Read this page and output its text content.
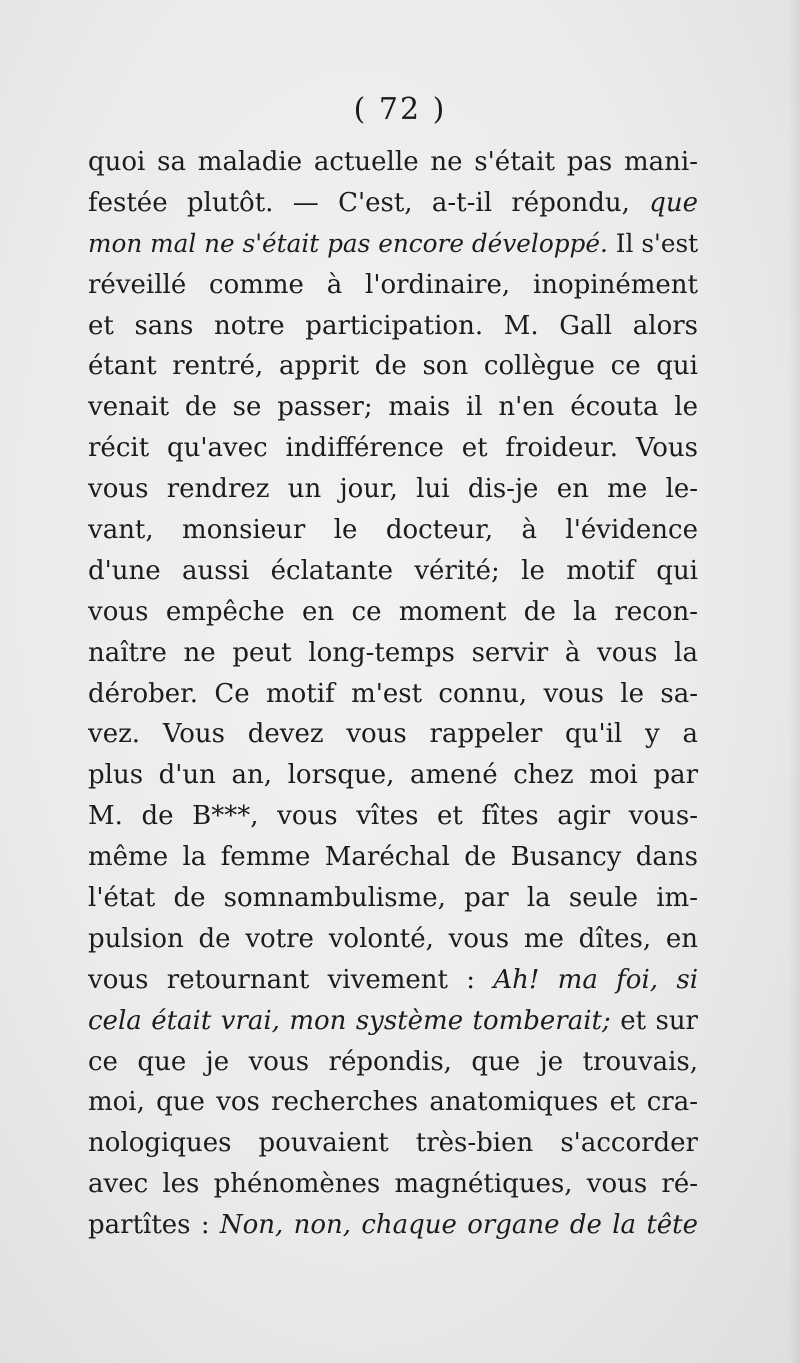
( 72 )
quoi sa maladie actuelle ne s'était pas mani-
festée plutôt. — C'est, a-t-il répondu, que
mon mal ne s'était pas encore développé. Il s'est
réveillé comme à l'ordinaire, inopinément
et sans notre participation. M. Gall alors
étant rentré, apprit de son collègue ce qui
venait de se passer; mais il n'en écouta le
récit qu'avec indifférence et froideur. Vous
vous rendrez un jour, lui dis-je en me le-
vant, monsieur le docteur, à l'évidence
d'une aussi éclatante vérité; le motif qui
vous empêche en ce moment de la recon-
naître ne peut long-temps servir à vous la
dérober. Ce motif m'est connu, vous le sa-
vez. Vous devez vous rappeler qu'il y a
plus d'un an, lorsque, amené chez moi par
M. de B***, vous vîtes et fîtes agir vous-
même la femme Maréchal de Busancy dans
l'état de somnambulisme, par la seule im-
pulsion de votre volonté, vous me dîtes, en
vous retournant vivement : Ah! ma foi, si
cela était vrai, mon système tomberait; et sur
ce que je vous répondis, que je trouvais,
moi, que vos recherches anatomiques et cra-
nologiques pouvaient très-bien s'accorder
avec les phénomènes magnétiques, vous ré-
partîtes : Non, non, chaque organe de la tête
